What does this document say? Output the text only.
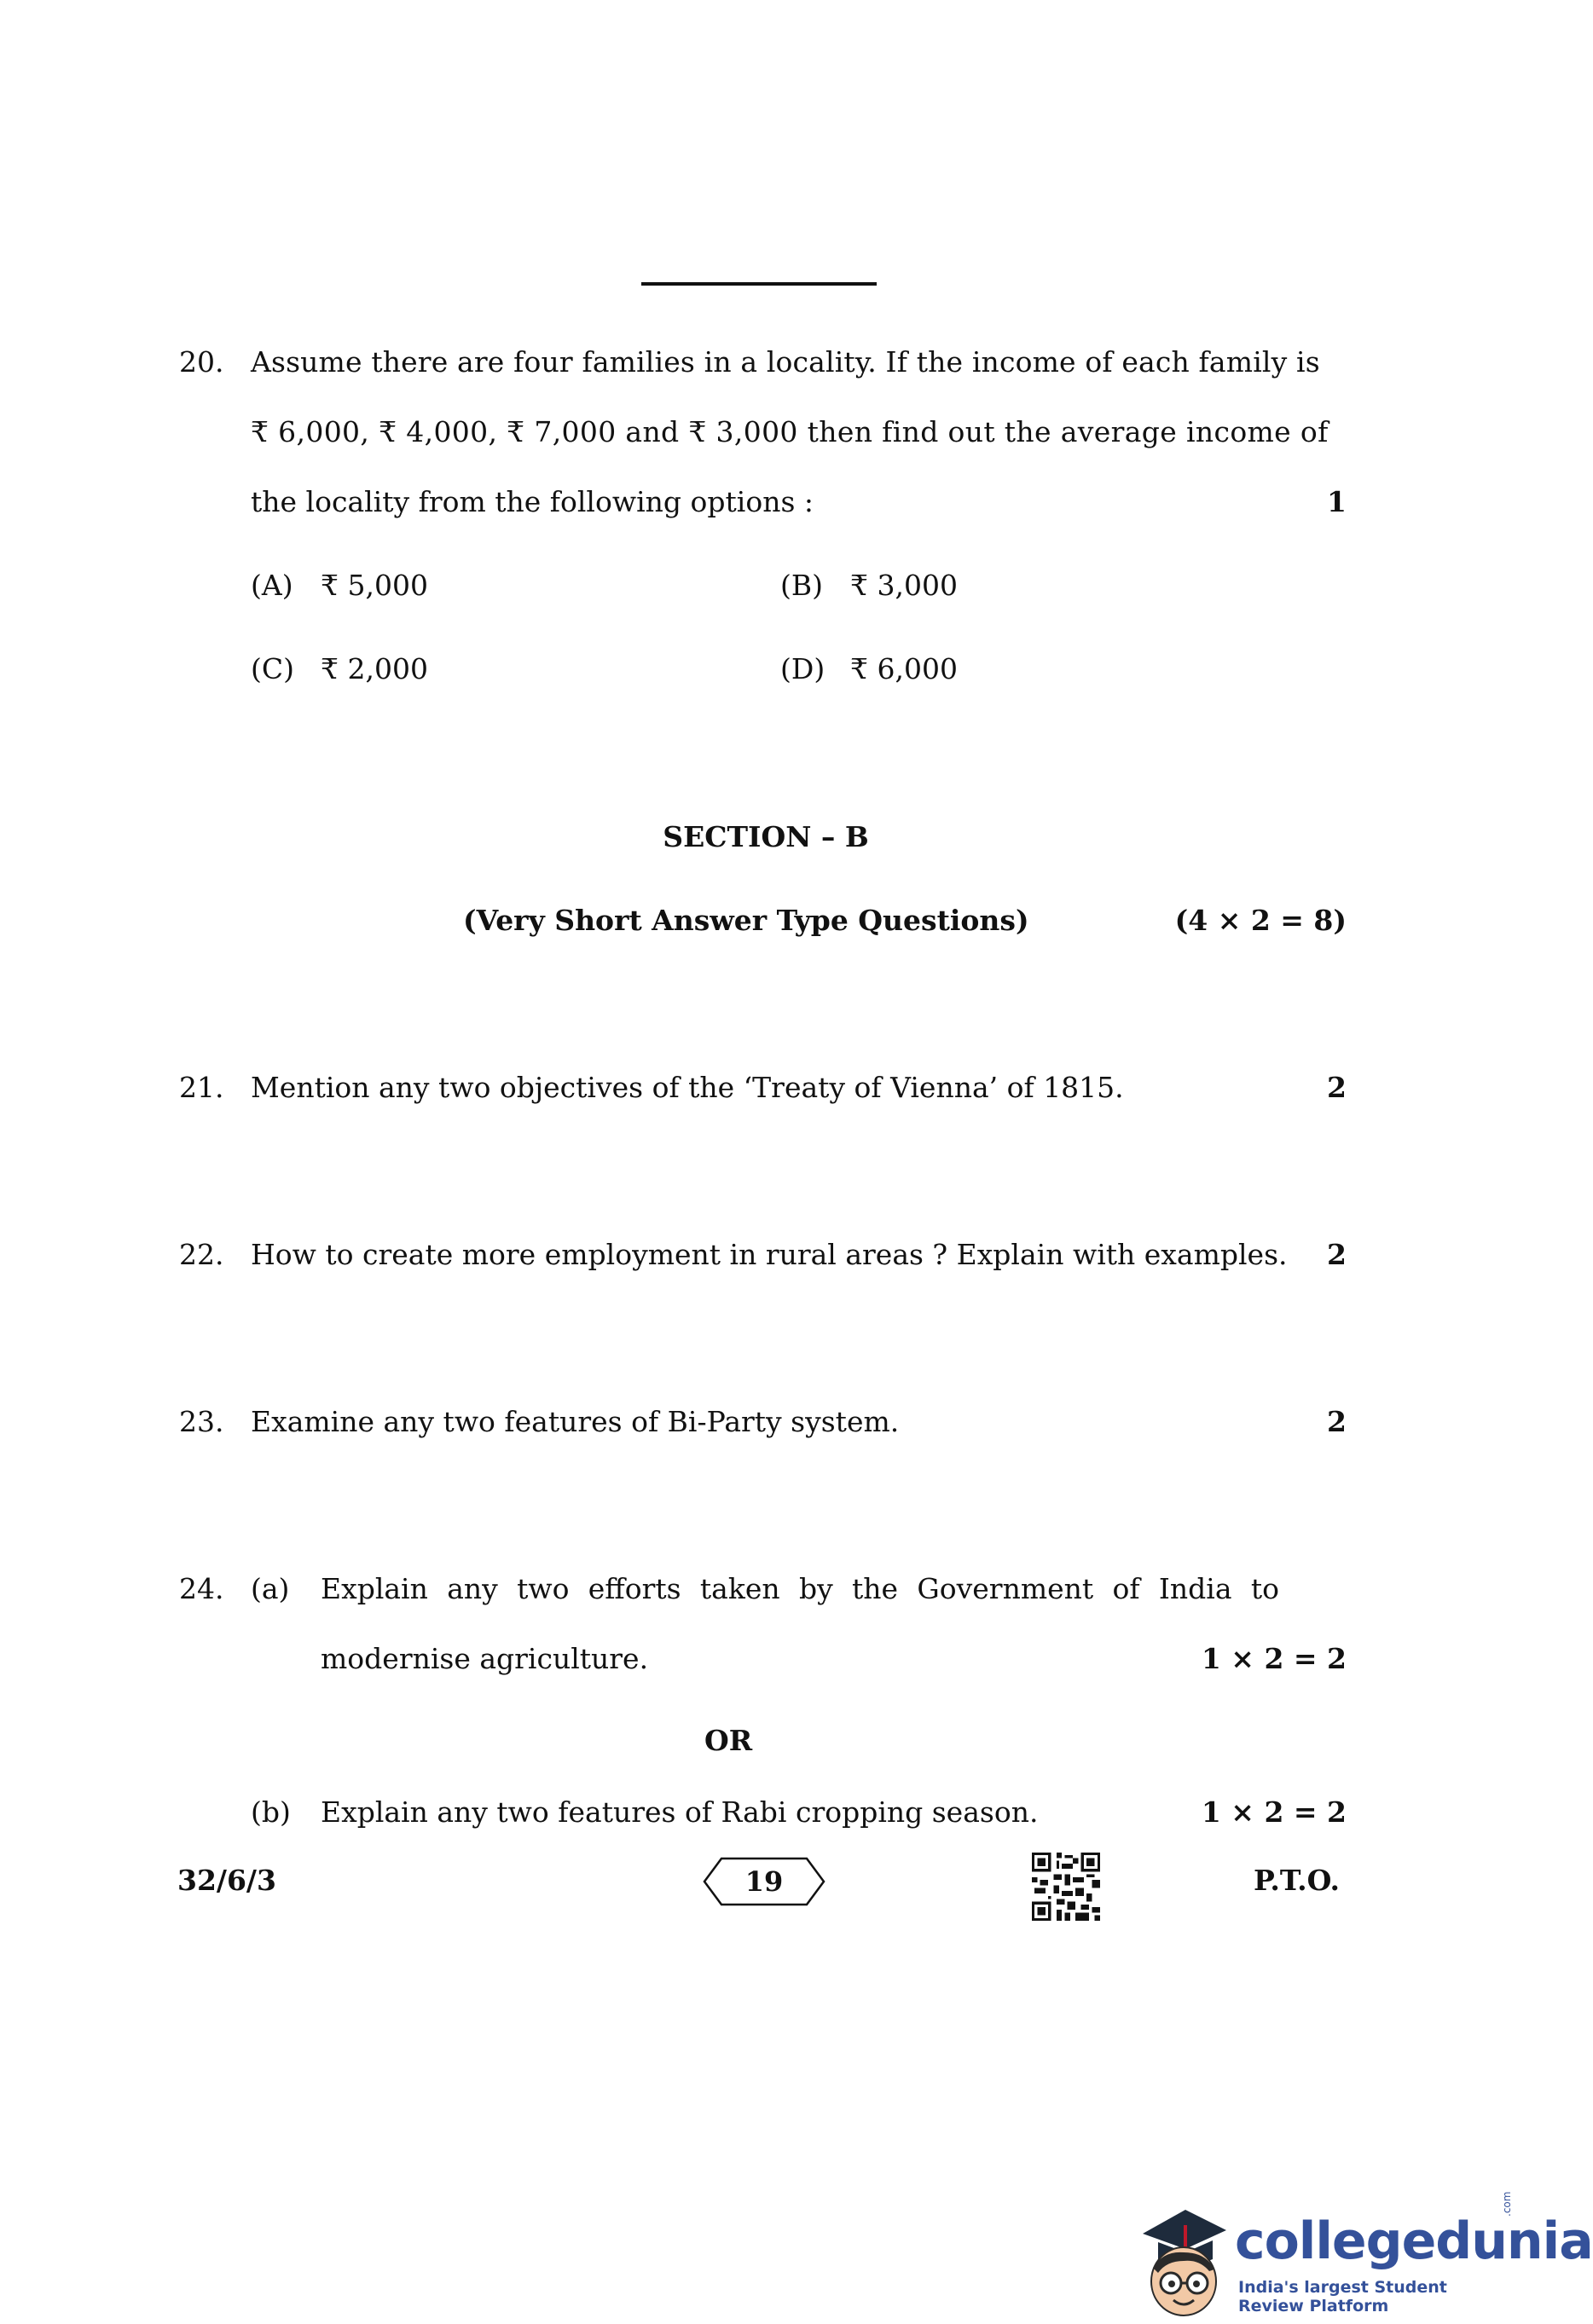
20. Assume there are four families in a locality. If the income of each family is
₹ 6,000, ₹ 4,000, ₹ 7,000 and ₹ 3,000 then find out the average income of
the locality from the following options :	1
(A) ₹ 5,000	(B) ₹ 3,000
(C) ₹ 2,000	(D) ₹ 6,000
SECTION – B
(Very Short Answer Type Questions)	(4 × 2 = 8)
21. Mention any two objectives of the ‘Treaty of Vienna’ of 1815.	2
22. How to create more employment in rural areas ? Explain with examples. 2
23. Examine any two features of Bi-Party system.	2
24. (a) Explain any two efforts taken by the Government of India to
modernise agriculture.	1 × 2 = 2
OR
(b) Explain any two features of Rabi cropping season.	1 × 2 = 2
32/6/3	19	P.T.O.
collegedunia
.com
India's largest Student Review Platform
